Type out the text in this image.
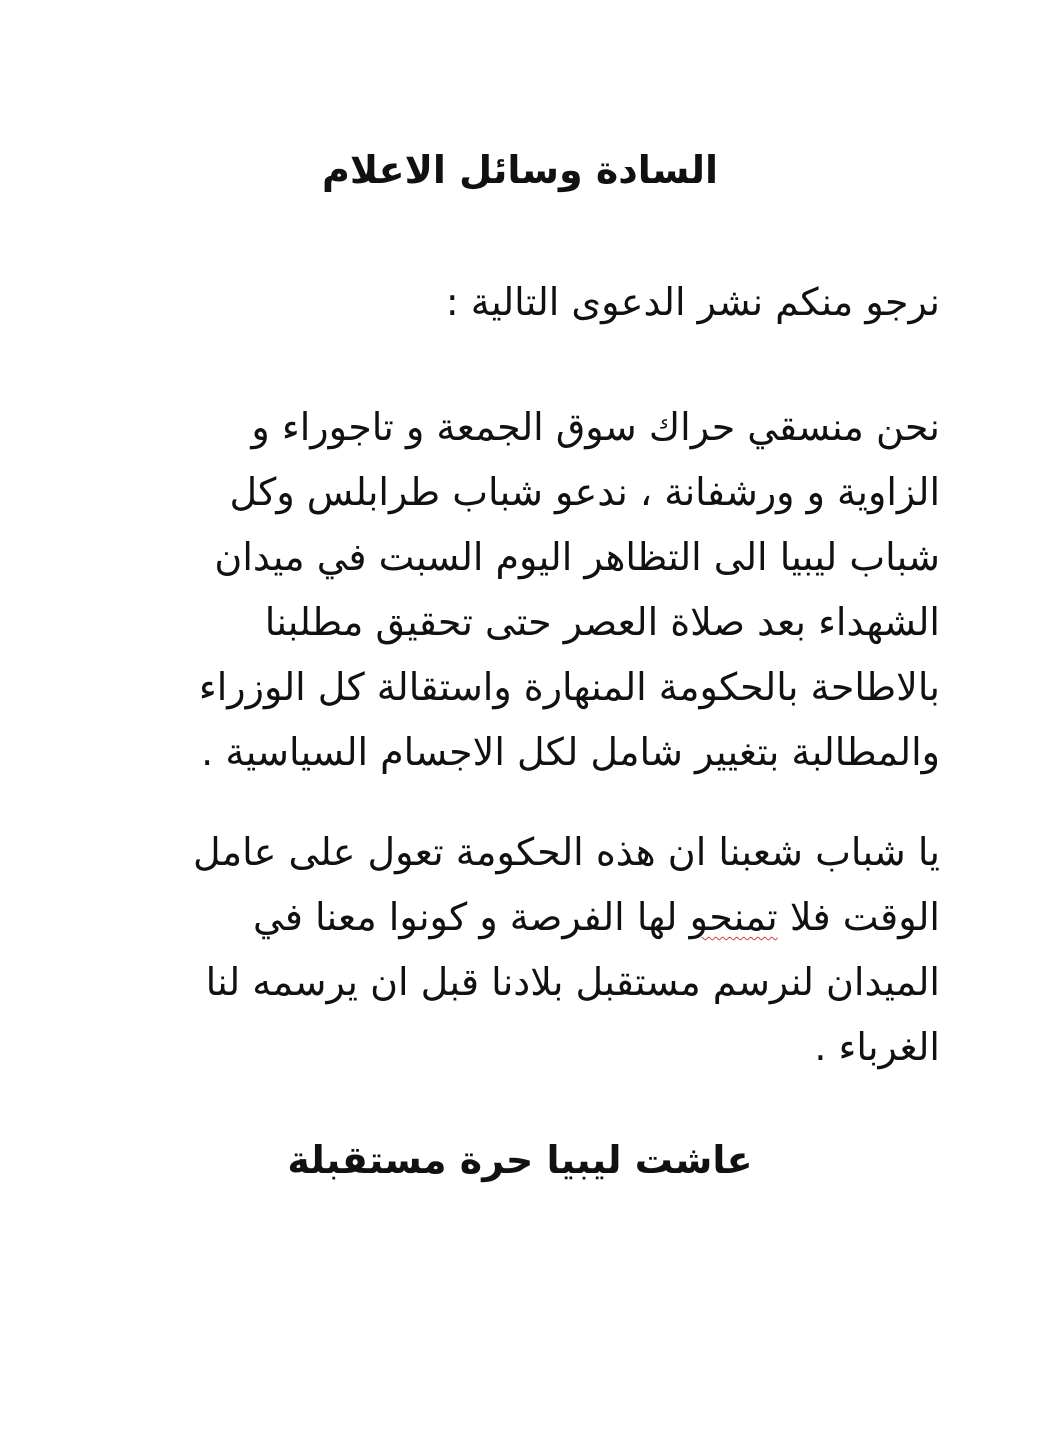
السادة وسائل الاعلام

نرجو منكم نشر الدعوى التالية :

نحن منسقي حراك سوق الجمعة و تاجوراء و

الزاوية و ورشفانة ، ندعو شباب طرابلس وكل

شباب ليبيا الى التظاهر اليوم السبت في ميدان

الشهداء بعد صلاة العصر حتى تحقيق مطلبنا

بالاطاحة بالحكومة المنهارة واستقالة كل الوزراء

والمطالبة بتغيير شامل لكل الاجسام السياسية .

يا شباب شعبنا ان هذه الحكومة تعول على عامل

الوقت فلا تمنحو لها الفرصة و كونوا معنا في

الميدان لنرسم مستقبل بلادنا قبل ان يرسمه لنا

الغرباء .

عاشت ليبيا حرة مستقبلة
